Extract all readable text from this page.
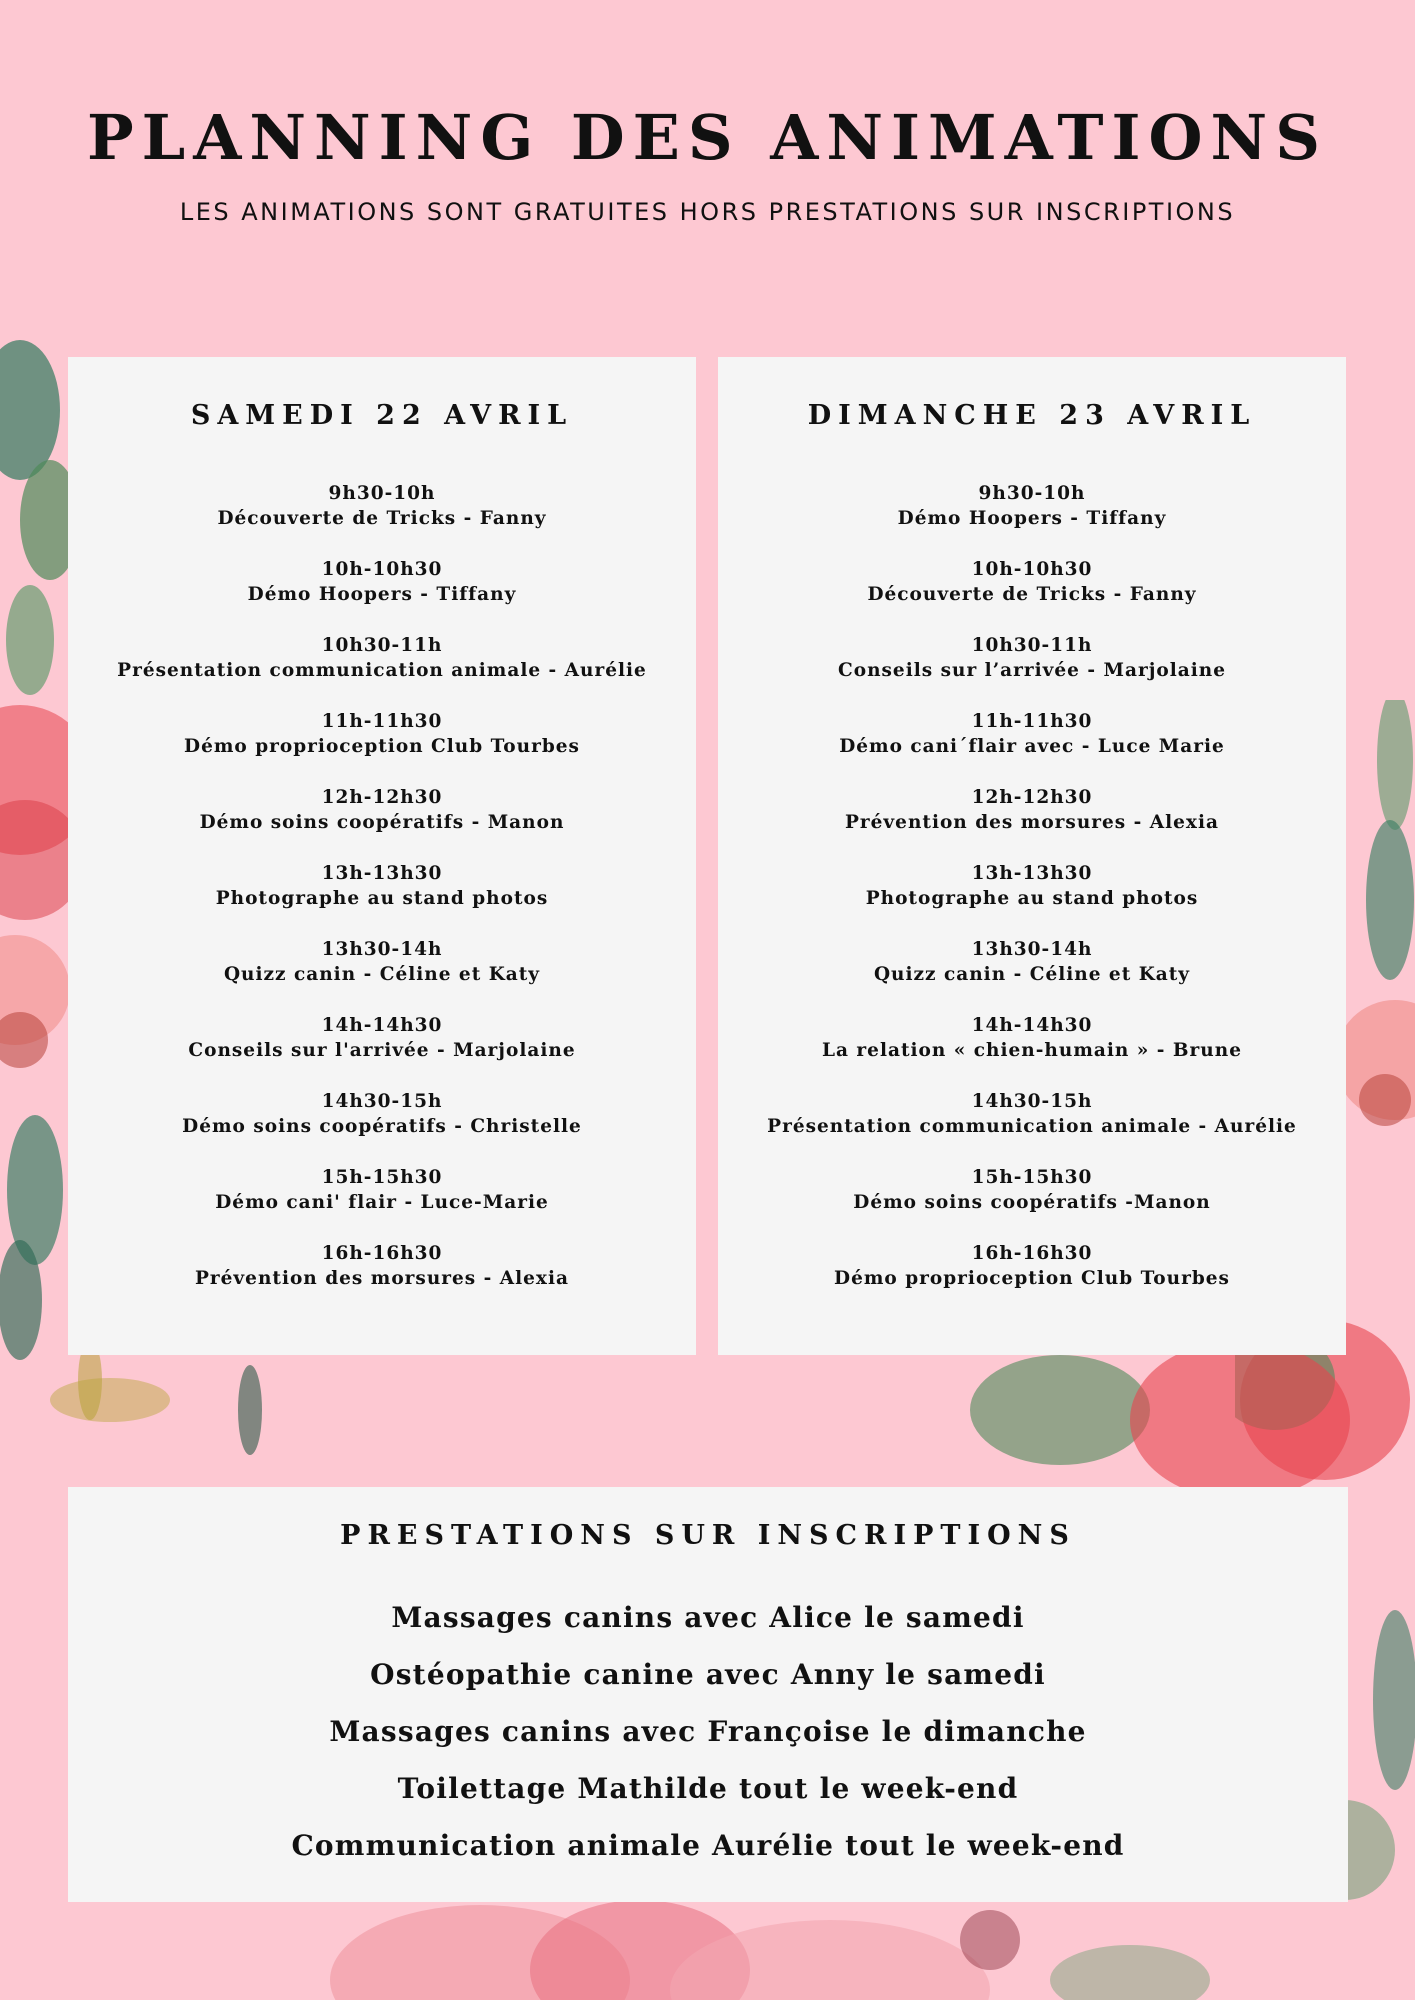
PLANNING DES ANIMATIONS
LES ANIMATIONS SONT GRATUITES HORS PRESTATIONS SUR INSCRIPTIONS
SAMEDI 22 AVRIL
9h30-10h
Découverte de Tricks - Fanny
10h-10h30
Démo Hoopers - Tiffany
10h30-11h
Présentation communication animale - Aurélie
11h-11h30
Démo proprioception Club Tourbes
12h-12h30
Démo soins coopératifs - Manon
13h-13h30
Photographe au stand photos
13h30-14h
Quizz canin - Céline et Katy
14h-14h30
Conseils sur l'arrivée - Marjolaine
14h30-15h
Démo soins coopératifs - Christelle
15h-15h30
Démo cani' flair - Luce-Marie
16h-16h30
Prévention des morsures - Alexia
DIMANCHE 23 AVRIL
9h30-10h
Démo Hoopers - Tiffany
10h-10h30
Découverte de Tricks - Fanny
10h30-11h
Conseils sur l’arrivée - Marjolaine
11h-11h30
Démo cani´flair avec - Luce Marie
12h-12h30
Prévention des morsures - Alexia
13h-13h30
Photographe au stand photos
13h30-14h
Quizz canin - Céline et Katy
14h-14h30
La relation « chien-humain » - Brune
14h30-15h
Présentation communication animale - Aurélie
15h-15h30
Démo soins coopératifs -Manon
16h-16h30
Démo proprioception Club Tourbes
PRESTATIONS SUR INSCRIPTIONS
Massages canins avec Alice le samedi
Ostéopathie canine avec Anny le samedi
Massages canins avec Françoise le dimanche
Toilettage Mathilde tout le week-end
Communication animale Aurélie tout le week-end
